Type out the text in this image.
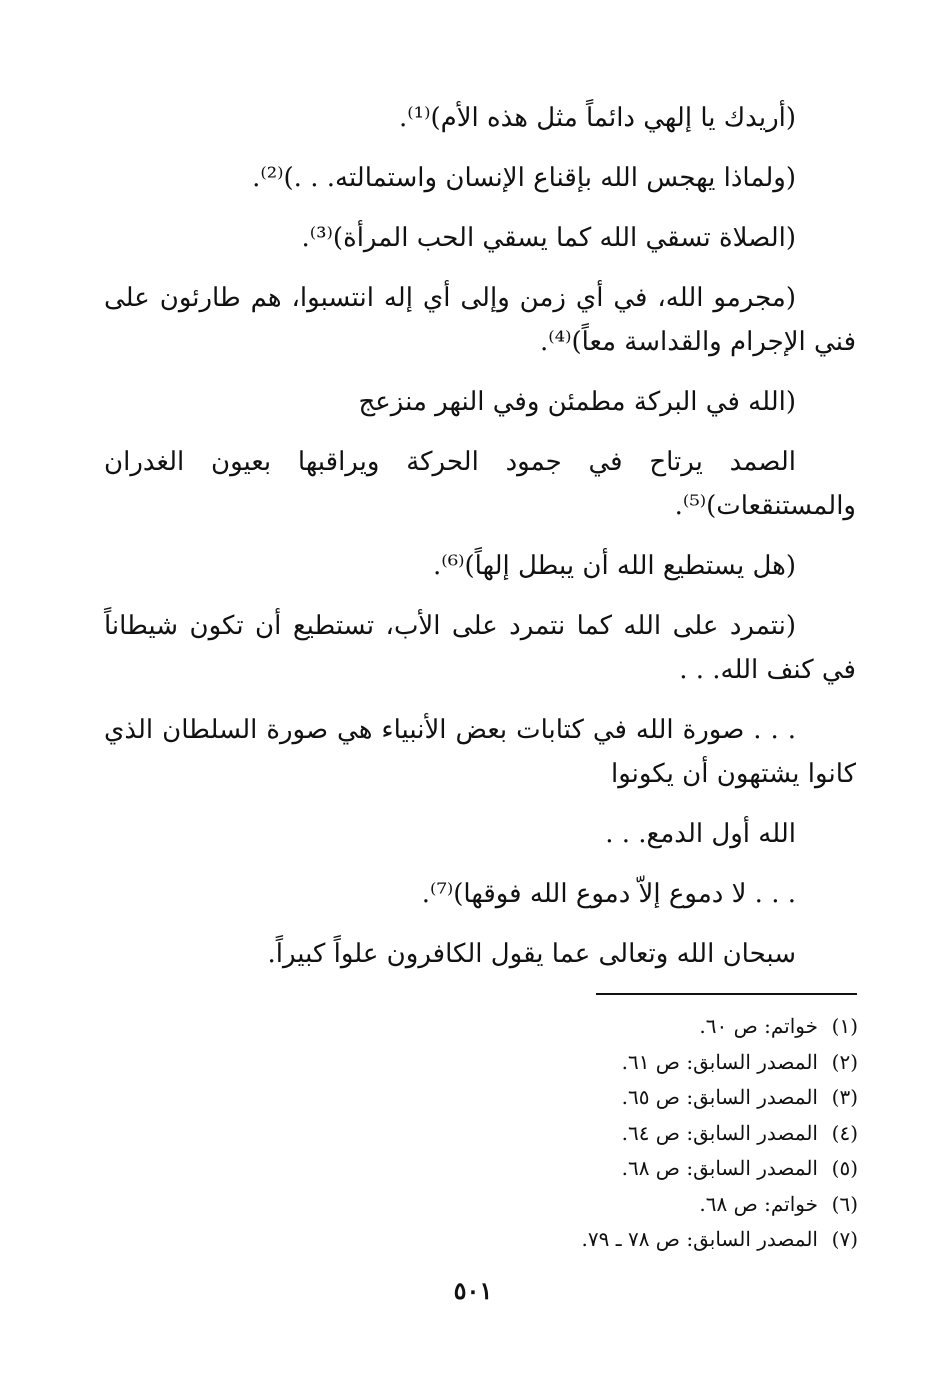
(أريدك يا إلهي دائماً مثل هذه الأم)⁽¹⁾.

(ولماذا يهجس الله بإقناع الإنسان واستمالته. . .)⁽²⁾.

(الصلاة تسقي الله كما يسقي الحب المرأة)⁽³⁾.

(مجرمو الله، في أي زمن وإلى أي إله انتسبوا، هم طارئون على فني الإجرام والقداسة معاً)⁽⁴⁾.

(الله في البركة مطمئن وفي النهر منزعج

الصمد يرتاح في جمود الحركة ويراقبها بعيون الغدران والمستنقعات)⁽⁵⁾.

(هل يستطيع الله أن يبطل إلهاً)⁽⁶⁾.

(نتمرد على الله كما نتمرد على الأب، تستطيع أن تكون شيطاناً في كنف الله. . .

. . . صورة الله في كتابات بعض الأنبياء هي صورة السلطان الذي كانوا يشتهون أن يكونوا

الله أول الدمع. . .

. . . لا دموع إلاّ دموع الله فوقها)⁽⁷⁾.

سبحان الله وتعالى عما يقول الكافرون علواً كبيراً.

(١)خواتم: ص ٦٠.
(٢)المصدر السابق: ص ٦١.
(٣)المصدر السابق: ص ٦٥.
(٤)المصدر السابق: ص ٦٤.
(٥)المصدر السابق: ص ٦٨.
(٦)خواتم: ص ٦٨.
(٧)المصدر السابق: ص ٧٨ ـ ٧٩.
٥٠١
